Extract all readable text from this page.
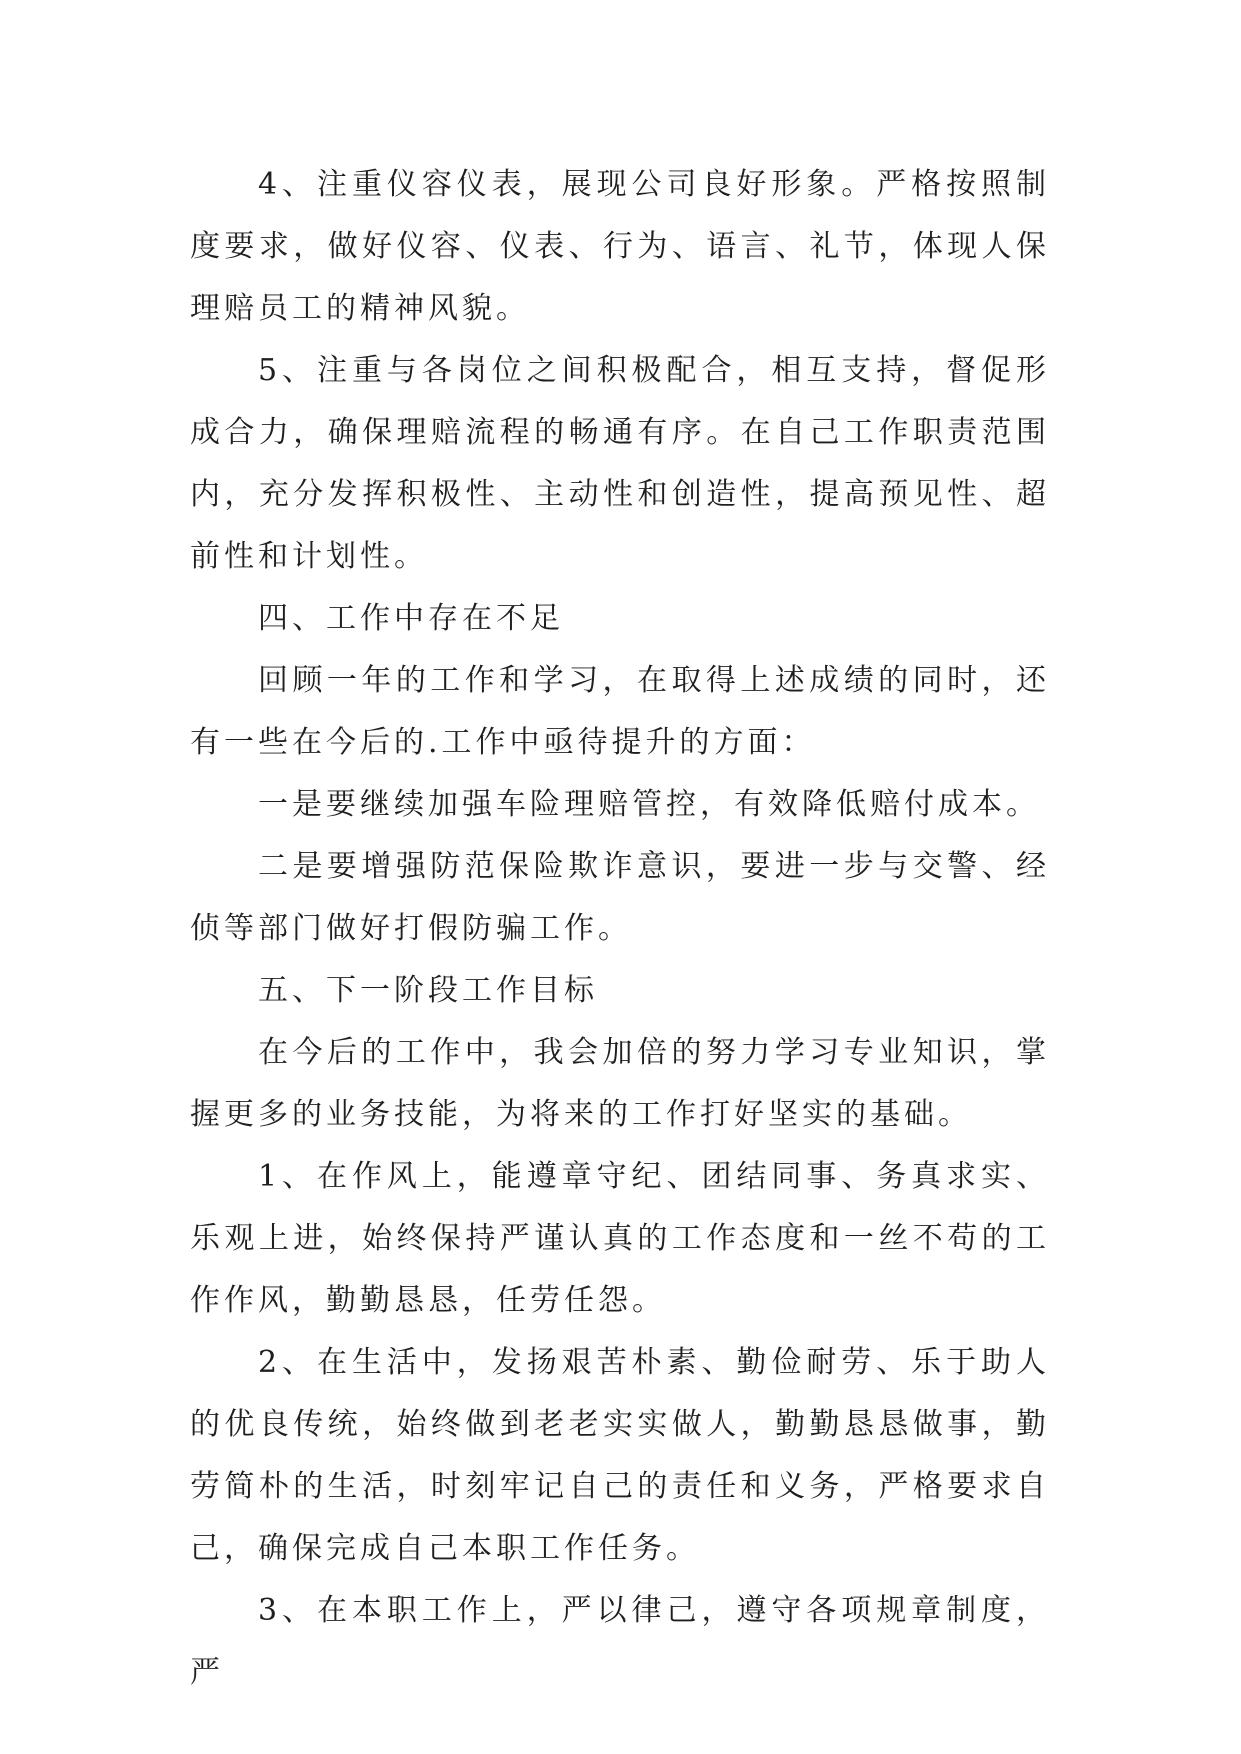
4、注重仪容仪表，展现公司良好形象。严格按照制度要求，做好仪容、仪表、行为、语言、礼节，体现人保理赔员工的精神风貌。

5、注重与各岗位之间积极配合，相互支持，督促形成合力，确保理赔流程的畅通有序。在自己工作职责范围内，充分发挥积极性、主动性和创造性，提高预见性、超前性和计划性。

四、工作中存在不足

回顾一年的工作和学习，在取得上述成绩的同时，还有一些在今后的.工作中亟待提升的方面：

一是要继续加强车险理赔管控，有效降低赔付成本。

二是要增强防范保险欺诈意识，要进一步与交警、经侦等部门做好打假防骗工作。

五、下一阶段工作目标

在今后的工作中，我会加倍的努力学习专业知识，掌握更多的业务技能，为将来的工作打好坚实的基础。

1、在作风上，能遵章守纪、团结同事、务真求实、乐观上进，始终保持严谨认真的工作态度和一丝不苟的工作作风，勤勤恳恳，任劳任怨。

2、在生活中，发扬艰苦朴素、勤俭耐劳、乐于助人的优良传统，始终做到老老实实做人，勤勤恳恳做事，勤劳简朴的生活，时刻牢记自己的责任和义务，严格要求自己，确保完成自己本职工作任务。

3、在本职工作上，严以律己，遵守各项规章制度，严
